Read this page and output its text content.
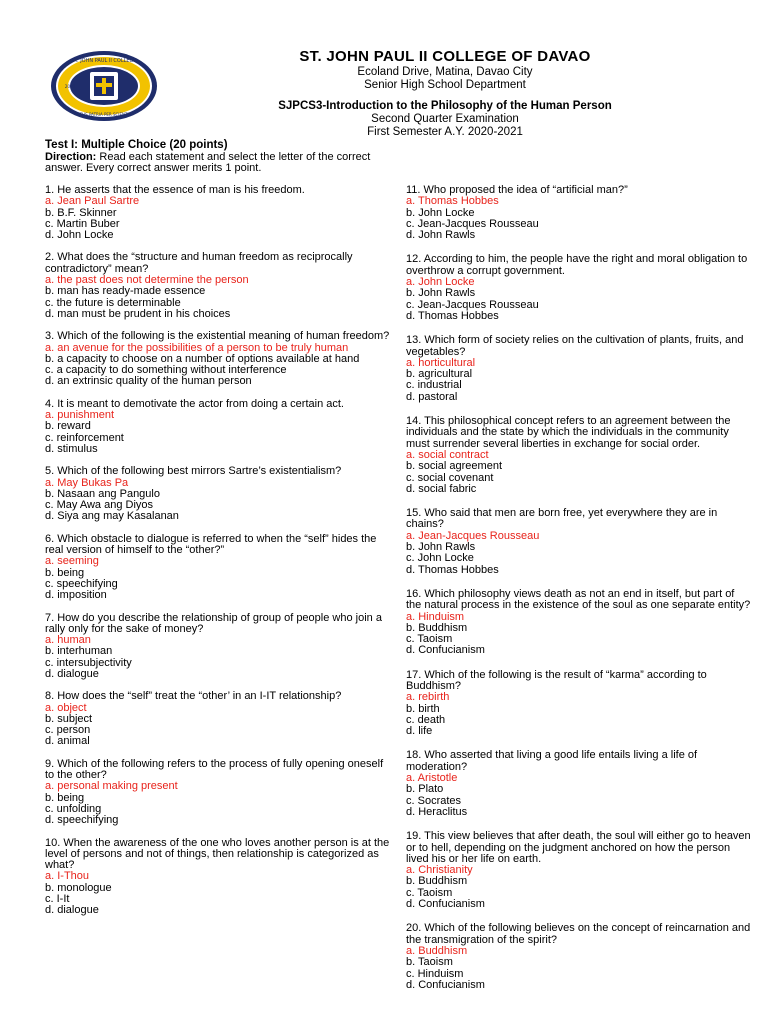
ST. JOHN PAUL II COLLEGE
DEUS PATRIA PER SCIENTIA
2008

ST. JOHN PAUL II COLLEGE OF DAVAO

Ecoland Drive, Matina, Davao City

Senior High School Department

SJPCS3-Introduction to the Philosophy of the Human Person

Second Quarter Examination

First Semester A.Y. 2020-2021

Test I: Multiple Choice (20 points)
Direction: Read each statement and select the letter of the correct answer. Every correct answer merits 1 point.

1. He asserts that the essence of man is his freedom.

a. Jean Paul Sartre

b. B.F. Skinner

c. Martin Buber

d. John Locke

2. What does the “structure and human freedom as reciprocally contradictory” mean?

a. the past does not determine the person

b. man has ready-made essence

c. the future is determinable

d. man must be prudent in his choices

3. Which of the following is the existential meaning of human freedom?

a. an avenue for the possibilities of a person to be truly human

b. a capacity to choose on a number of options available at hand

c. a capacity to do something without interference

d. an extrinsic quality of the human person

4. It is meant to demotivate the actor from doing a certain act.

a. punishment

b. reward

c. reinforcement

d. stimulus

5. Which of the following best mirrors Sartre’s existentialism?

a. May Bukas Pa

b. Nasaan ang Pangulo

c. May Awa ang Diyos

d. Siya ang may Kasalanan

6. Which obstacle to dialogue is referred to when the “self” hides the real version of himself to the “other?”

a. seeming

b. being

c. speechifying

d. imposition

7. How do you describe the relationship of group of people who join a rally only for the sake of money?

a. human

b. interhuman

c. intersubjectivity

d. dialogue

8. How does the “self” treat the “other’ in an I-IT relationship?

a. object

b. subject

c. person

d. animal

9. Which of the following refers to the process of fully opening oneself to the other?

a. personal making present

b. being

c. unfolding

d. speechifying

10. When the awareness of the one who loves another person is at the level of persons and not of things, then relationship is categorized as what?

a. I-Thou

b. monologue

c. I-It

d. dialogue

11. Who proposed the idea of “artificial man?”

a. Thomas Hobbes

b. John Locke

c. Jean-Jacques Rousseau

d. John Rawls

12. According to him, the people have the right and moral obligation to overthrow a corrupt government.

a. John Locke

b. John Rawls

c. Jean-Jacques Rousseau

d. Thomas Hobbes

13. Which form of society relies on the cultivation of plants, fruits, and vegetables?

a. horticultural

b. agricultural

c. industrial

d. pastoral

14. This philosophical concept refers to an agreement between the individuals and the state by which the individuals in the community must surrender several liberties in exchange for social order.

a. social contract

b. social agreement

c. social covenant

d. social fabric

15. Who said that men are born free, yet everywhere they are in chains?

a. Jean-Jacques Rousseau

b. John Rawls

c. John Locke

d. Thomas Hobbes

16. Which philosophy views death as not an end in itself, but part of the natural process in the existence of the soul as one separate entity?

a. Hinduism

b. Buddhism

c. Taoism

d. Confucianism

17. Which of the following is the result of “karma” according to Buddhism?

a. rebirth

b. birth

c. death

d. life

18. Who asserted that living a good life entails living a life of moderation?

a. Aristotle

b. Plato

c. Socrates

d. Heraclitus

19. This view believes that after death, the soul will either go to heaven or to hell, depending on the judgment anchored on how the person lived his or her life on earth.

a. Christianity

b. Buddhism

c. Taoism

d. Confucianism

20. Which of the following believes on the concept of reincarnation and the transmigration of the spirit?

a. Buddhism

b. Taoism

c. Hinduism

d. Confucianism
